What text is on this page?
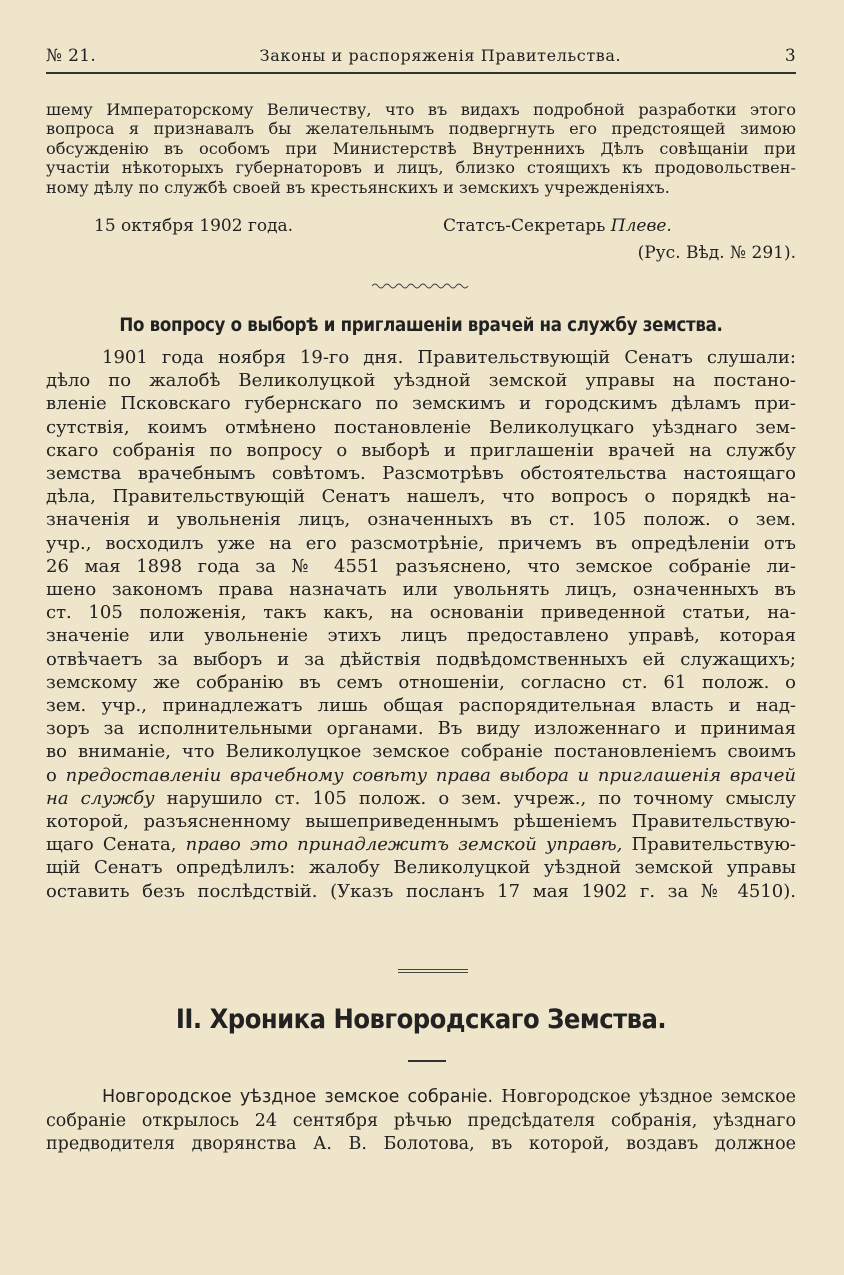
№ 21.	Законы и распоряженія Правительства.	3

шему Императорскому Величеству, что въ видахъ подробной разработки этого

вопроса я признавалъ бы желательнымъ подвергнуть его предстоящей зимою

обсужденію въ особомъ при Министерствѣ Внутреннихъ Дѣлъ совѣщаніи при

участіи нѣкоторыхъ губернаторовъ и лицъ, близко стоящихъ къ продовольствен-

ному дѣлу по службѣ своей въ крестьянскихъ и земскихъ учрежденіяхъ.

15 октября 1902 года.	Статсъ-Секретарь Плеве.
(Рус. Вѣд. № 291).
По вопросу о выборѣ и приглашеніи врачей на службу земства.

1901 года ноября 19-го дня. Правительствующій Сенатъ слушали:

дѣло по жалобѣ Великолуцкой уѣздной земской управы на постано-

вленіе Псковскаго губернскаго по земскимъ и городскимъ дѣламъ при-

сутствія, коимъ отмѣнено постановленіе Великолуцкаго уѣзднаго зем-

скаго собранія по вопросу о выборѣ и приглашеніи врачей на службу

земства врачебнымъ совѣтомъ. Разсмотрѣвъ обстоятельства настоящаго

дѣла, Правительствующій Сенатъ нашелъ, что вопросъ о порядкѣ на-

значенія и увольненія лицъ, означенныхъ въ ст. 105 полож. о зем.

учр., восходилъ уже на его разсмотрѣніе, причемъ въ опредѣленіи отъ

26 мая 1898 года за № 4551 разъяснено, что земское собраніе ли-

шено закономъ права назначать или увольнять лицъ, означенныхъ въ

ст. 105 положенія, такъ какъ, на основаніи приведенной статьи, на-

значеніе или увольненіе этихъ лицъ предоставлено управѣ, которая

отвѣчаетъ за выборъ и за дѣйствія подвѣдомственныхъ ей служащихъ;

земскому же собранію въ семъ отношеніи, согласно ст. 61 полож. о

зем. учр., принадлежатъ лишь общая распорядительная власть и над-

зоръ за исполнительными органами. Въ виду изложеннаго и принимая

во вниманіе, что Великолуцкое земское собраніе постановленіемъ своимъ

о предоставленіи врачебному совѣту права выбора и приглашенія врачей

на службу нарушило ст. 105 полож. о зем. учреж., по точному смыслу

которой, разъясненному вышеприведеннымъ рѣшеніемъ Правительствую-

щаго Сената, право это принадлежитъ земской управѣ, Правительствую-

щій Сенатъ опредѣлилъ: жалобу Великолуцкой уѣздной земской управы

оставить безъ послѣдствій. (Указъ посланъ 17 мая 1902 г. за № 4510).

II. Хроника Новгородскаго Земства.

Новгородское уѣздное земское собраніе. Новгородское уѣздное земское

собраніе открылось 24 сентября рѣчью предсѣдателя собранія, уѣзднаго

предводителя дворянства А. В. Болотова, въ которой, воздавъ должное
